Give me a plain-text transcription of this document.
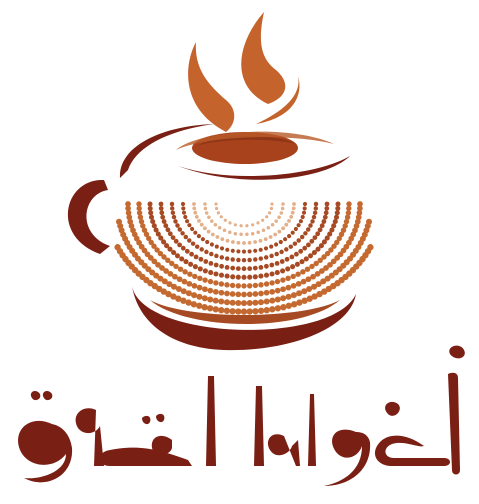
أضواء القهوة
